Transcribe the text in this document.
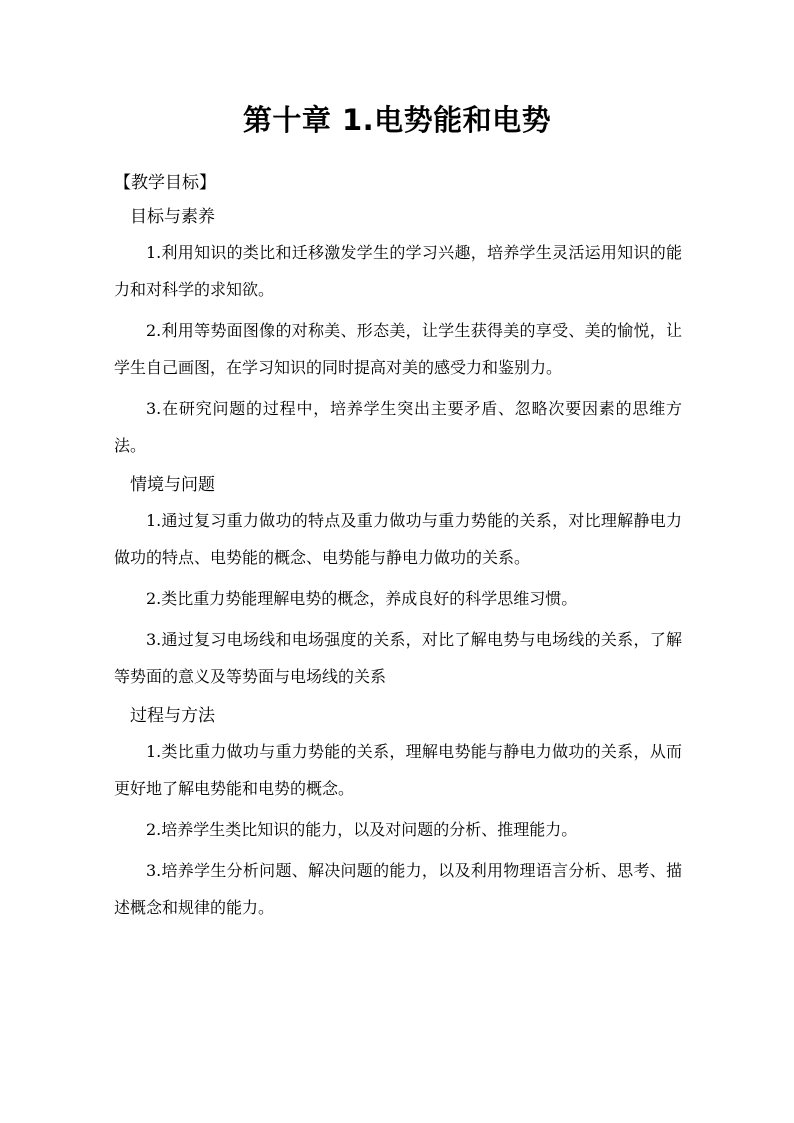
第十章 1.电势能和电势
【教学目标】
目标与素养

1.利用知识的类比和迁移激发学生的学习兴趣，培养学生灵活运用知识的能力和对科学的求知欲。

2.利用等势面图像的对称美、形态美，让学生获得美的享受、美的愉悦，让学生自己画图，在学习知识的同时提高对美的感受力和鉴别力。

3.在研究问题的过程中，培养学生突出主要矛盾、忽略次要因素的思维方法。

情境与问题

1.通过复习重力做功的特点及重力做功与重力势能的关系，对比理解静电力做功的特点、电势能的概念、电势能与静电力做功的关系。

2.类比重力势能理解电势的概念，养成良好的科学思维习惯。

3.通过复习电场线和电场强度的关系，对比了解电势与电场线的关系，了解等势面的意义及等势面与电场线的关系

过程与方法

1.类比重力做功与重力势能的关系，理解电势能与静电力做功的关系，从而更好地了解电势能和电势的概念。

2.培养学生类比知识的能力，以及对问题的分析、推理能力。

3.培养学生分析问题、解决问题的能力，以及利用物理语言分析、思考、描述概念和规律的能力。
